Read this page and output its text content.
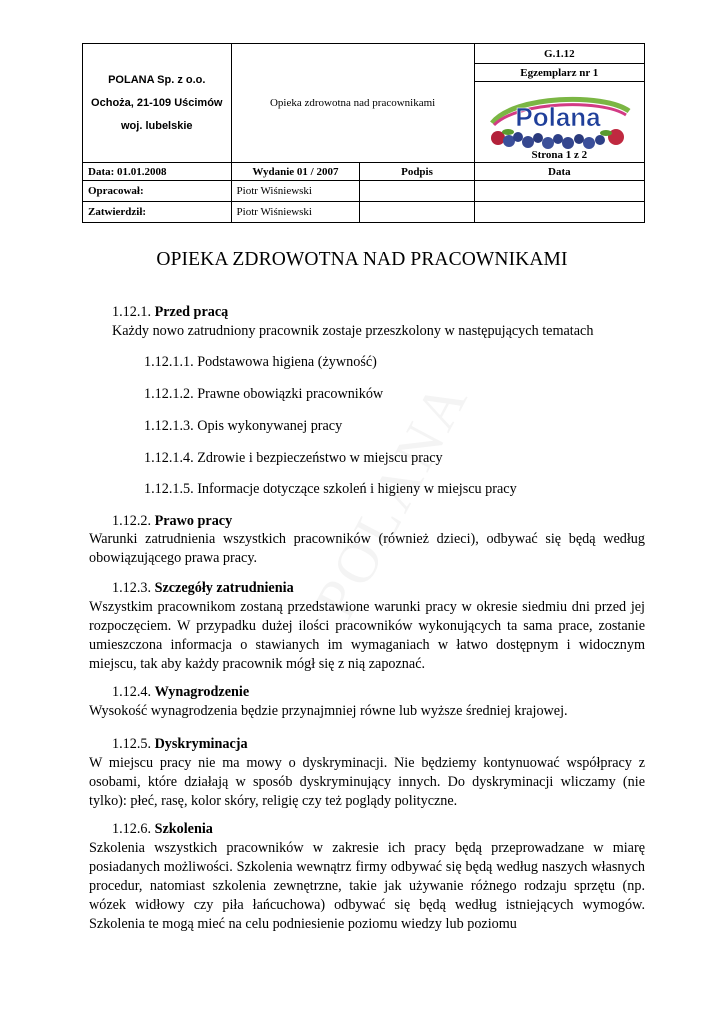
POLANA Sp. z o.o.
Ochoża, 21-109 Uścimów
woj. lubelskie	Opieka zdrowotna nad pracownikami		G.1.12
			Egzemplarz nr 1

Polana
Strona 1 z 2

Data: 01.01.2008	Wydanie 01 / 2007	Podpis	Data
Opracował:	Piotr Wiśniewski		
Zatwierdził:	Piotr Wiśniewski		
OPIEKA ZDROWOTNA NAD PRACOWNIKAMI
1.12.1. Przed pracą
Każdy nowo zatrudniony pracownik zostaje przeszkolony w następujących tematach
1.12.1.1. Podstawowa higiena (żywność)
1.12.1.2. Prawne obowiązki pracowników
1.12.1.3. Opis wykonywanej pracy
1.12.1.4. Zdrowie i bezpieczeństwo w miejscu pracy
1.12.1.5. Informacje dotyczące szkoleń i higieny w miejscu pracy
1.12.2. Prawo pracy
Warunki zatrudnienia wszystkich pracowników (również dzieci), odbywać się będą według obowiązującego prawa pracy.
1.12.3. Szczegóły zatrudnienia
Wszystkim pracownikom zostaną przedstawione warunki pracy w okresie siedmiu dni przed jej rozpoczęciem. W przypadku dużej ilości pracowników wykonujących ta sama prace, zostanie umieszczona informacja o stawianych im wymaganiach w łatwo dostępnym i widocznym miejscu, tak aby każdy pracownik mógł się z nią zapoznać.
1.12.4. Wynagrodzenie
Wysokość wynagrodzenia będzie przynajmniej równe lub wyższe średniej krajowej.
1.12.5. Dyskryminacja
W miejscu pracy nie ma mowy o dyskryminacji. Nie będziemy kontynuować współpracy z osobami, które działają w sposób dyskryminujący innych. Do dyskryminacji wliczamy (nie tylko): płeć, rasę, kolor skóry, religię czy też poglądy polityczne.
1.12.6. Szkolenia
Szkolenia wszystkich pracowników w zakresie ich pracy będą przeprowadzane w miarę posiadanych możliwości. Szkolenia wewnątrz firmy odbywać się będą według naszych własnych procedur, natomiast szkolenia zewnętrzne, takie jak używanie różnego rodzaju sprzętu (np. wózek widłowy czy piła łańcuchowa) odbywać się będą według istniejących wymogów. Szkolenia te mogą mieć na celu podniesienie poziomu wiedzy lub poziomu
